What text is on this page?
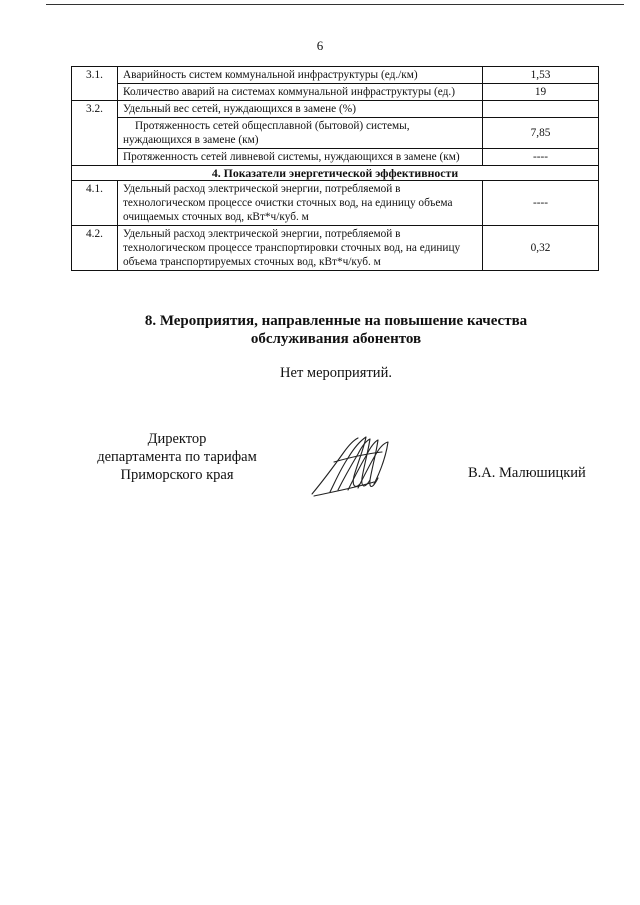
6
3.1.	Аварийность систем коммунальной инфраструктуры (ед./км)	1,53
	Количество аварий на системах коммунальной инфраструктуры (ед.)	19
3.2.	Удельный вес сетей, нуждающихся в замене (%)	
	Протяженность сетей общесплавной (бытовой) системы, нуждающихся в замене (км)	7,85
	Протяженность сетей ливневой системы, нуждающихся в замене (км)	----
4. Показатели энергетической эффективности		
4.1.	Удельный расход электрической энергии, потребляемой в технологическом процессе очистки сточных вод, на единицу объема очищаемых сточных вод, кВт*ч/куб. м	----
4.2.	Удельный расход электрической энергии, потребляемой в технологическом процессе транспортировки сточных вод, на единицу объема транспортируемых сточных вод, кВт*ч/куб. м	0,32
8. Мероприятия, направленные на повышение качества
обслуживания абонентов
Нет мероприятий.
Директор
департамента по тарифам
Приморского края	В.А. Малюшицкий
